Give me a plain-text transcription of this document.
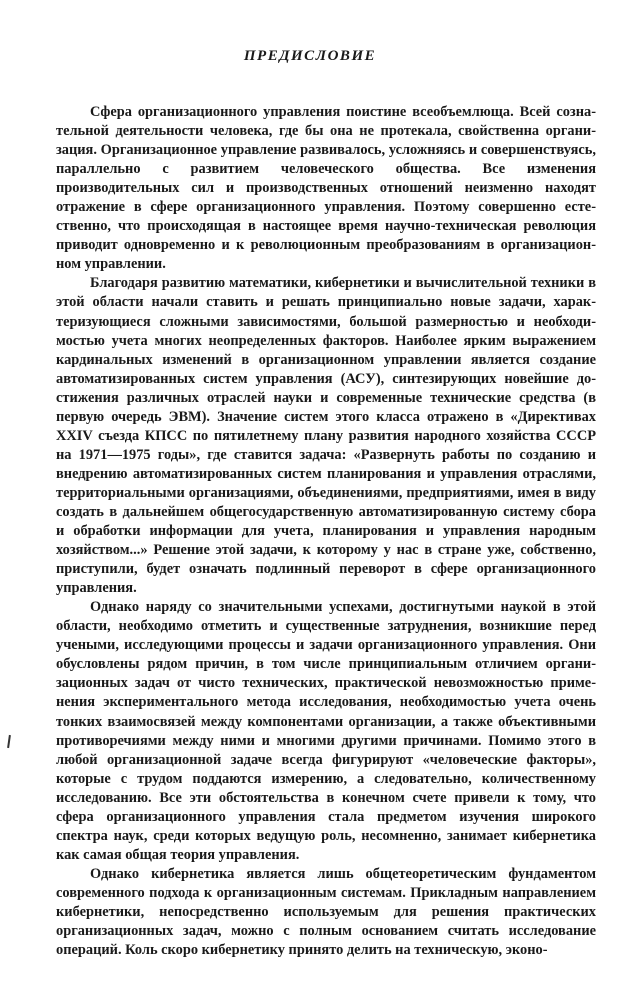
ПРЕДИСЛОВИЕ

Сфера организационного управления поистине всеобъемлюща. Всей сознательной деятельности человека, где бы она не протекала, свойственна организация. Организационное управление развивалось, усложняясь и совершенствуясь, параллельно с развитием человеческого общества. Все изменения производительных сил и производственных отношений неизменно находят отражение в сфере организационного управления. Поэтому совершенно естественно, что происходящая в настоящее время научно-техническая революция приводит одновременно и к революционным преобразованиям в организационном управлении.

Благодаря развитию математики, кибернетики и вычислительной техники в этой области начали ставить и решать принципиально новые задачи, характеризующиеся сложными зависимостями, большой размерностью и необходимостью учета многих неопределенных факторов. Наиболее ярким выражением кардинальных изменений в организационном управлении является создание автоматизированных систем управления (АСУ), синтезирующих новейшие достижения различных отраслей науки и современные технические средства (в первую очередь ЭВМ). Значение систем этого класса отражено в «Директивах XXIV съезда КПСС по пятилетнему плану развития народного хозяйства СССР на 1971—1975 годы», где ставится задача: «Развернуть работы по созданию и внедрению автоматизированных систем планирования и управления отраслями, территориальными организациями, объединениями, предприятиями, имея в виду создать в дальнейшем общегосударственную автоматизированную систему сбора и обработки информации для учета, планирования и управления народным хозяйством...» Решение этой задачи, к которому у нас в стране уже, собственно, приступили, будет означать подлинный переворот в сфере организационного управления.

Однако наряду со значительными успехами, достигнутыми наукой в этой области, необходимо отметить и существенные затруднения, возникшие перед учеными, исследующими процессы и задачи организационного управления. Они обусловлены рядом причин, в том числе принципиальным отличием организационных задач от чисто технических, практической невозможностью применения экспериментального метода исследования, необходимостью учета очень тонких взаимосвязей между компонентами организации, а также объективными противоречиями между ними и многими другими причинами. Помимо этого в любой организационной задаче всегда фигурируют «человеческие факторы», которые с трудом поддаются измерению, а следовательно, количественному исследованию. Все эти обстоятельства в конечном счете привели к тому, что сфера организационного управления стала предметом изучения широкого спектра наук, среди которых ведущую роль, несомненно, занимает кибернетика как самая общая теория управления.

Однако кибернетика является лишь общетеоретическим фундаментом современного подхода к организационным системам. Прикладным направлением кибернетики, непосредственно используемым для решения практических организационных задач, можно с полным основанием считать исследование операций. Коль скоро кибернетику принято делить на техническую, эконо-
